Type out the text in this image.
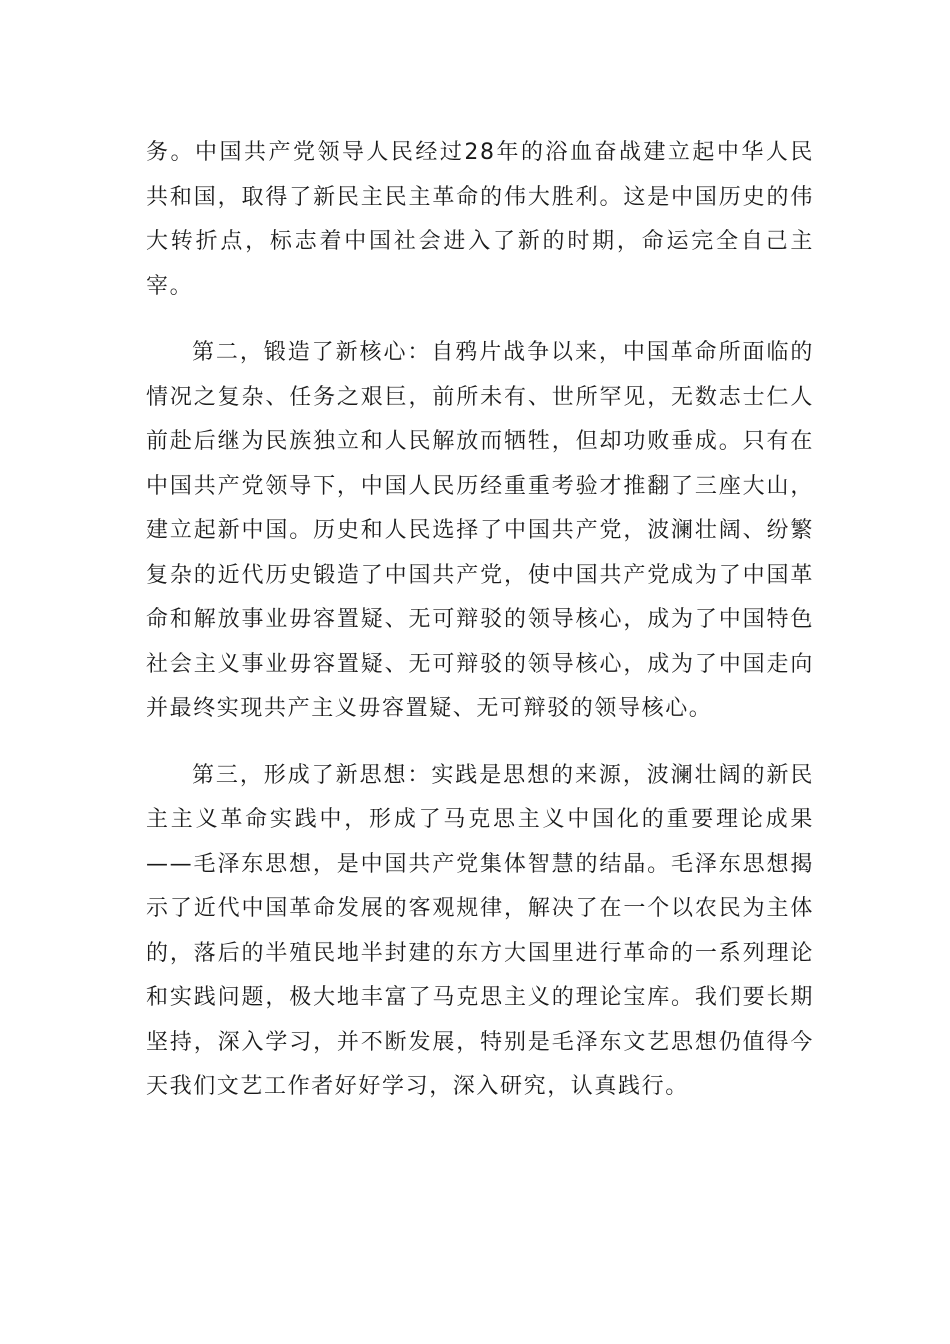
务。中国共产党领导人民经过28年的浴血奋战建立起中华人民共和国，取得了新民主民主革命的伟大胜利。这是中国历史的伟大转折点，标志着中国社会进入了新的时期，命运完全自己主宰。

第二，锻造了新核心：自鸦片战争以来，中国革命所面临的情况之复杂、任务之艰巨，前所未有、世所罕见，无数志士仁人前赴后继为民族独立和人民解放而牺牲，但却功败垂成。只有在中国共产党领导下，中国人民历经重重考验才推翻了三座大山，建立起新中国。历史和人民选择了中国共产党，波澜壮阔、纷繁复杂的近代历史锻造了中国共产党，使中国共产党成为了中国革命和解放事业毋容置疑、无可辩驳的领导核心，成为了中国特色社会主义事业毋容置疑、无可辩驳的领导核心，成为了中国走向并最终实现共产主义毋容置疑、无可辩驳的领导核心。

第三，形成了新思想：实践是思想的来源，波澜壮阔的新民主主义革命实践中，形成了马克思主义中国化的重要理论成果——毛泽东思想，是中国共产党集体智慧的结晶。毛泽东思想揭示了近代中国革命发展的客观规律，解决了在一个以农民为主体的，落后的半殖民地半封建的东方大国里进行革命的一系列理论和实践问题，极大地丰富了马克思主义的理论宝库。我们要长期坚持，深入学习，并不断发展，特别是毛泽东文艺思想仍值得今天我们文艺工作者好好学习，深入研究，认真践行。
